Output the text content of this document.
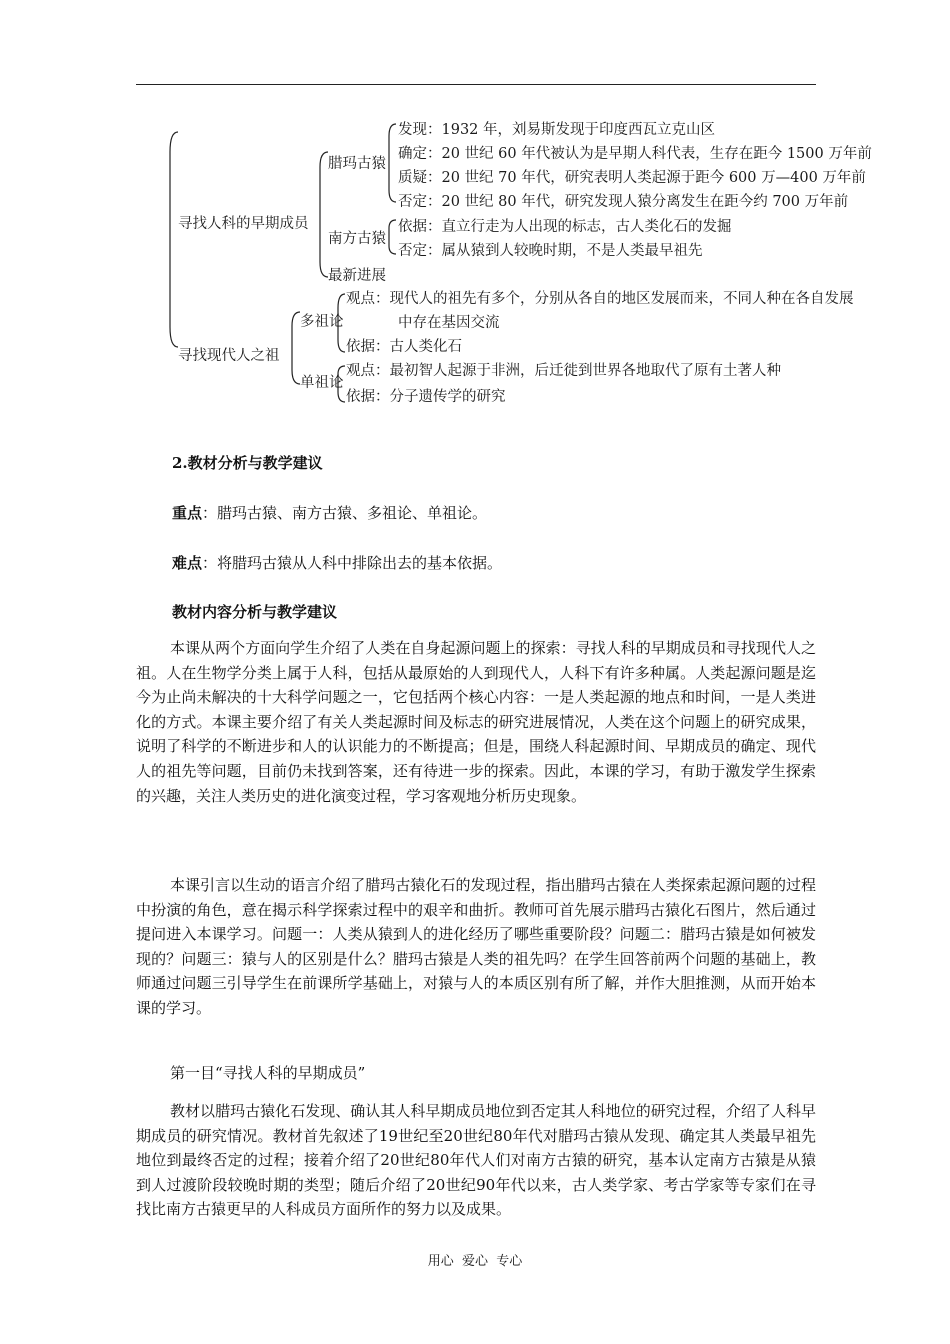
寻找人科的早期成员
寻找现代人之祖
腊玛古猿
南方古猿
最新进展
发现：1932 年，刘易斯发现于印度西瓦立克山区
确定：20 世纪 60 年代被认为是早期人科代表，生存在距今 1500 万年前
质疑：20 世纪 70 年代，研究表明人类起源于距今 600 万—400 万年前
否定：20 世纪 80 年代，研究发现人猿分离发生在距今约 700 万年前
依据：直立行走为人出现的标志，古人类化石的发掘
否定：属从猿到人较晚时期，不是人类最早祖先
多祖论
单祖论
观点：现代人的祖先有多个，分别从各自的地区发展而来，不同人种在各自发展
中存在基因交流
依据：古人类化石
观点：最初智人起源于非洲，后迁徙到世界各地取代了原有土著人种
依据：分子遗传学的研究
2.教材分析与教学建议
重点：腊玛古猿、南方古猿、多祖论、单祖论。
难点：将腊玛古猿从人科中排除出去的基本依据。
教材内容分析与教学建议

本课从两个方面向学生介绍了人类在自身起源问题上的探索：寻找人科的早期成员和寻找现代人之祖。人在生物学分类上属于人科，包括从最原始的人到现代人，人科下有许多种属。人类起源问题是迄今为止尚未解决的十大科学问题之一，它包括两个核心内容：一是人类起源的地点和时间，一是人类进化的方式。本课主要介绍了有关人类起源时间及标志的研究进展情况，人类在这个问题上的研究成果，说明了科学的不断进步和人的认识能力的不断提高；但是，围绕人科起源时间、早期成员的确定、现代人的祖先等问题，目前仍未找到答案，还有待进一步的探索。因此，本课的学习，有助于激发学生探索的兴趣，关注人类历史的进化演变过程，学习客观地分析历史现象。

本课引言以生动的语言介绍了腊玛古猿化石的发现过程，指出腊玛古猿在人类探索起源问题的过程中扮演的角色，意在揭示科学探索过程中的艰辛和曲折。教师可首先展示腊玛古猿化石图片，然后通过提问进入本课学习。问题一：人类从猿到人的进化经历了哪些重要阶段？问题二：腊玛古猿是如何被发现的？问题三：猿与人的区别是什么？腊玛古猿是人类的祖先吗？在学生回答前两个问题的基础上，教师通过问题三引导学生在前课所学基础上，对猿与人的本质区别有所了解，并作大胆推测，从而开始本课的学习。

第一目“寻找人科的早期成员”

教材以腊玛古猿化石发现、确认其人科早期成员地位到否定其人科地位的研究过程，介绍了人科早期成员的研究情况。教材首先叙述了19世纪至20世纪80年代对腊玛古猿从发现、确定其人类最早祖先地位到最终否定的过程；接着介绍了20世纪80年代人们对南方古猿的研究，基本认定南方古猿是从猿到人过渡阶段较晚时期的类型；随后介绍了20世纪90年代以来，古人类学家、考古学家等专家们在寻找比南方古猿更早的人科成员方面所作的努力以及成果。

用心  爱心  专心
